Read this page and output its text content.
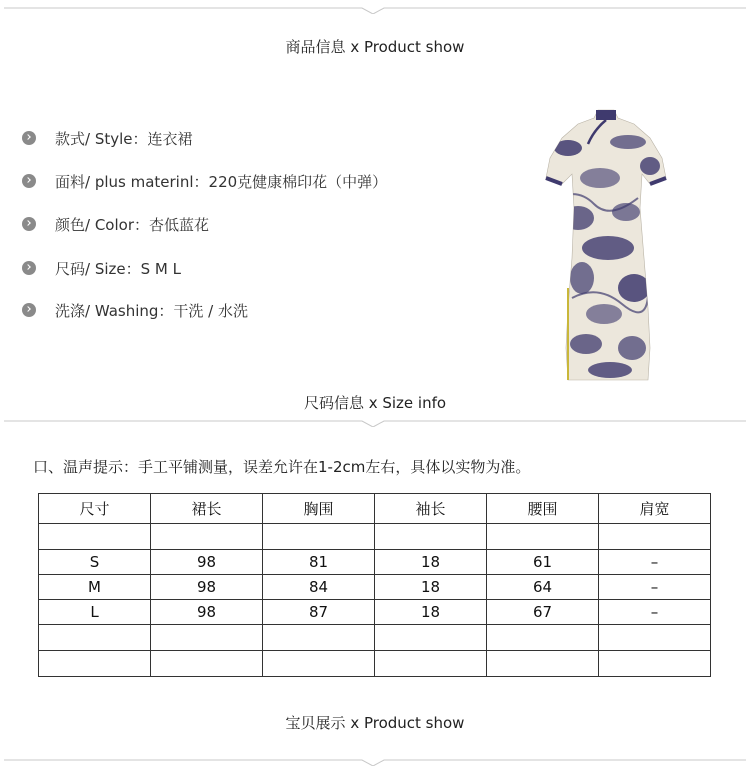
商品信息 x Product show
款式/ Style：连衣裙
面料/ plus materinl：220克健康棉印花（中弹）
颜色/ Color：杏低蓝花
尺码/ Size：S M L
洗涤/ Washing：干洗 / 水洗
尺码信息 x Size info
口、温声提示：手工平铺测量，误差允许在1-2cm左右，具体以实物为准。
尺寸	裙长	胸围	袖长	腰围	肩宽

S	98	81	18	61	–
M	98	84	18	64	–
L	98	87	18	67	–

宝贝展示 x Product show
